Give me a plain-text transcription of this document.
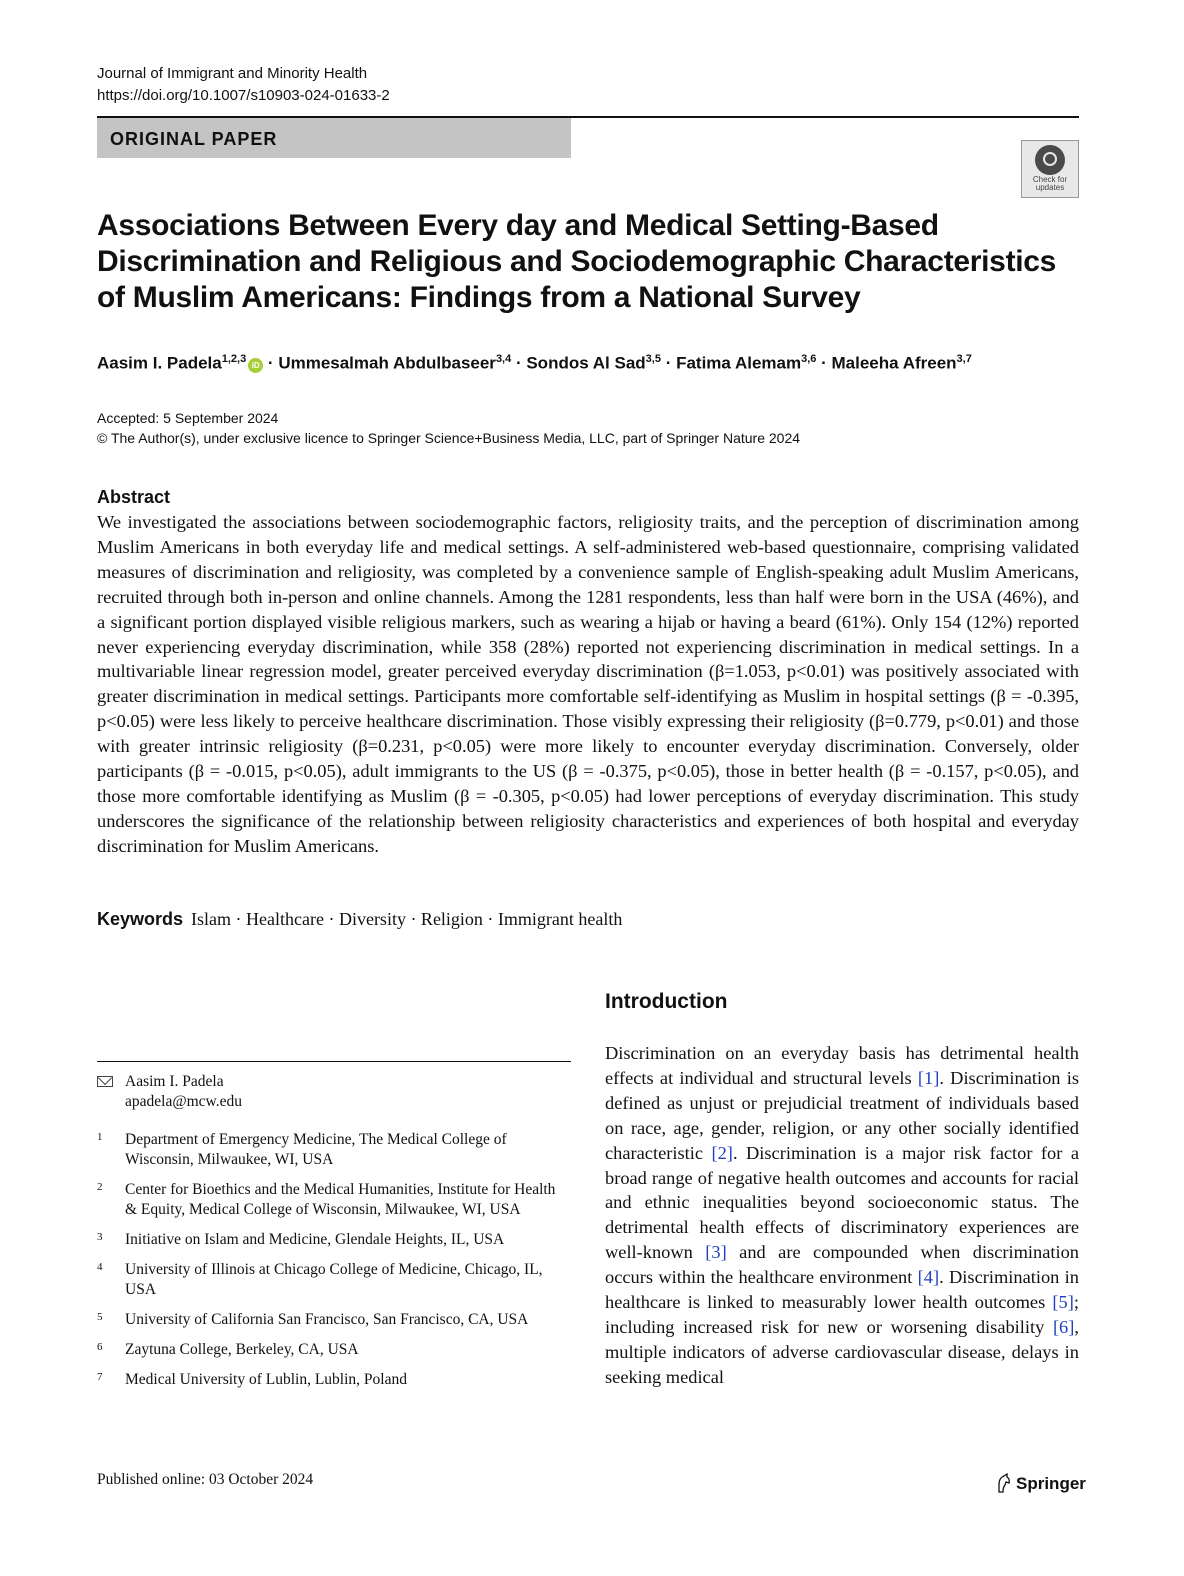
Journal of Immigrant and Minority Health
https://doi.org/10.1007/s10903-024-01633-2
ORIGINAL PAPER
Check for
updates
Associations Between Every day and Medical Setting-Based Discrimination and Religious and Sociodemographic Characteristics of Muslim Americans: Findings from a National Survey
Aasim I. Padela$^{1,2,3}$iD · Ummesalmah Abdulbaseer$^{3,4}$ · Sondos Al Sad$^{3,5}$ · Fatima Alemam$^{3,6}$ · Maleeha Afreen$^{3,7}$
Accepted: 5 September 2024
© The Author(s), under exclusive licence to Springer Science+Business Media, LLC, part of Springer Nature 2024
Abstract
We investigated the associations between sociodemographic factors, religiosity traits, and the perception of discrimination among Muslim Americans in both everyday life and medical settings. A self-administered web-based questionnaire, comprising validated measures of discrimination and religiosity, was completed by a convenience sample of English-speaking adult Muslim Americans, recruited through both in-person and online channels. Among the 1281 respondents, less than half were born in the USA (46%), and a significant portion displayed visible religious markers, such as wearing a hijab or having a beard (61%). Only 154 (12%) reported never experiencing everyday discrimination, while 358 (28%) reported not experiencing discrimination in medical settings. In a multivariable linear regression model, greater perceived everyday discrimination (β=1.053, p<0.01) was positively associated with greater discrimination in medical settings. Participants more comfortable self-identifying as Muslim in hospital settings (β = -0.395, p<0.05) were less likely to perceive healthcare discrimination. Those visibly expressing their religiosity (β=0.779, p<0.01) and those with greater intrinsic religiosity (β=0.231, p<0.05) were more likely to encounter everyday discrimination. Conversely, older participants (β = -0.015, p<0.05), adult immigrants to the US (β = -0.375, p<0.05), those in better health (β = -0.157, p<0.05), and those more comfortable identifying as Muslim (β = -0.305, p<0.05) had lower perceptions of everyday discrimination. This study underscores the significance of the relationship between religiosity characteristics and experiences of both hospital and everyday discrimination for Muslim Americans.
Keywords Islam · Healthcare · Diversity · Religion · Immigrant health
Introduction
Discrimination on an everyday basis has detrimental health effects at individual and structural levels [1]. Discrimination is defined as unjust or prejudicial treatment of individuals based on race, age, gender, religion, or any other socially identified characteristic [2]. Discrimination is a major risk factor for a broad range of negative health outcomes and accounts for racial and ethnic inequalities beyond socioeconomic status. The detrimental health effects of discriminatory experiences are well-known [3] and are compounded when discrimination occurs within the healthcare environment [4]. Discrimination in healthcare is linked to measurably lower health outcomes [5]; including increased risk for new or worsening disability [6], multiple indicators of adverse cardiovascular disease, delays in seeking medical
Aasim I. Padela
apadela@mcw.edu
1 Department of Emergency Medicine, The Medical College of Wisconsin, Milwaukee, WI, USA
2 Center for Bioethics and the Medical Humanities, Institute for Health & Equity, Medical College of Wisconsin, Milwaukee, WI, USA
3 Initiative on Islam and Medicine, Glendale Heights, IL, USA
4 University of Illinois at Chicago College of Medicine, Chicago, IL, USA
5 University of California San Francisco, San Francisco, CA, USA
6 Zaytuna College, Berkeley, CA, USA
7 Medical University of Lublin, Lublin, Poland
Published online: 03 October 2024	Springer
